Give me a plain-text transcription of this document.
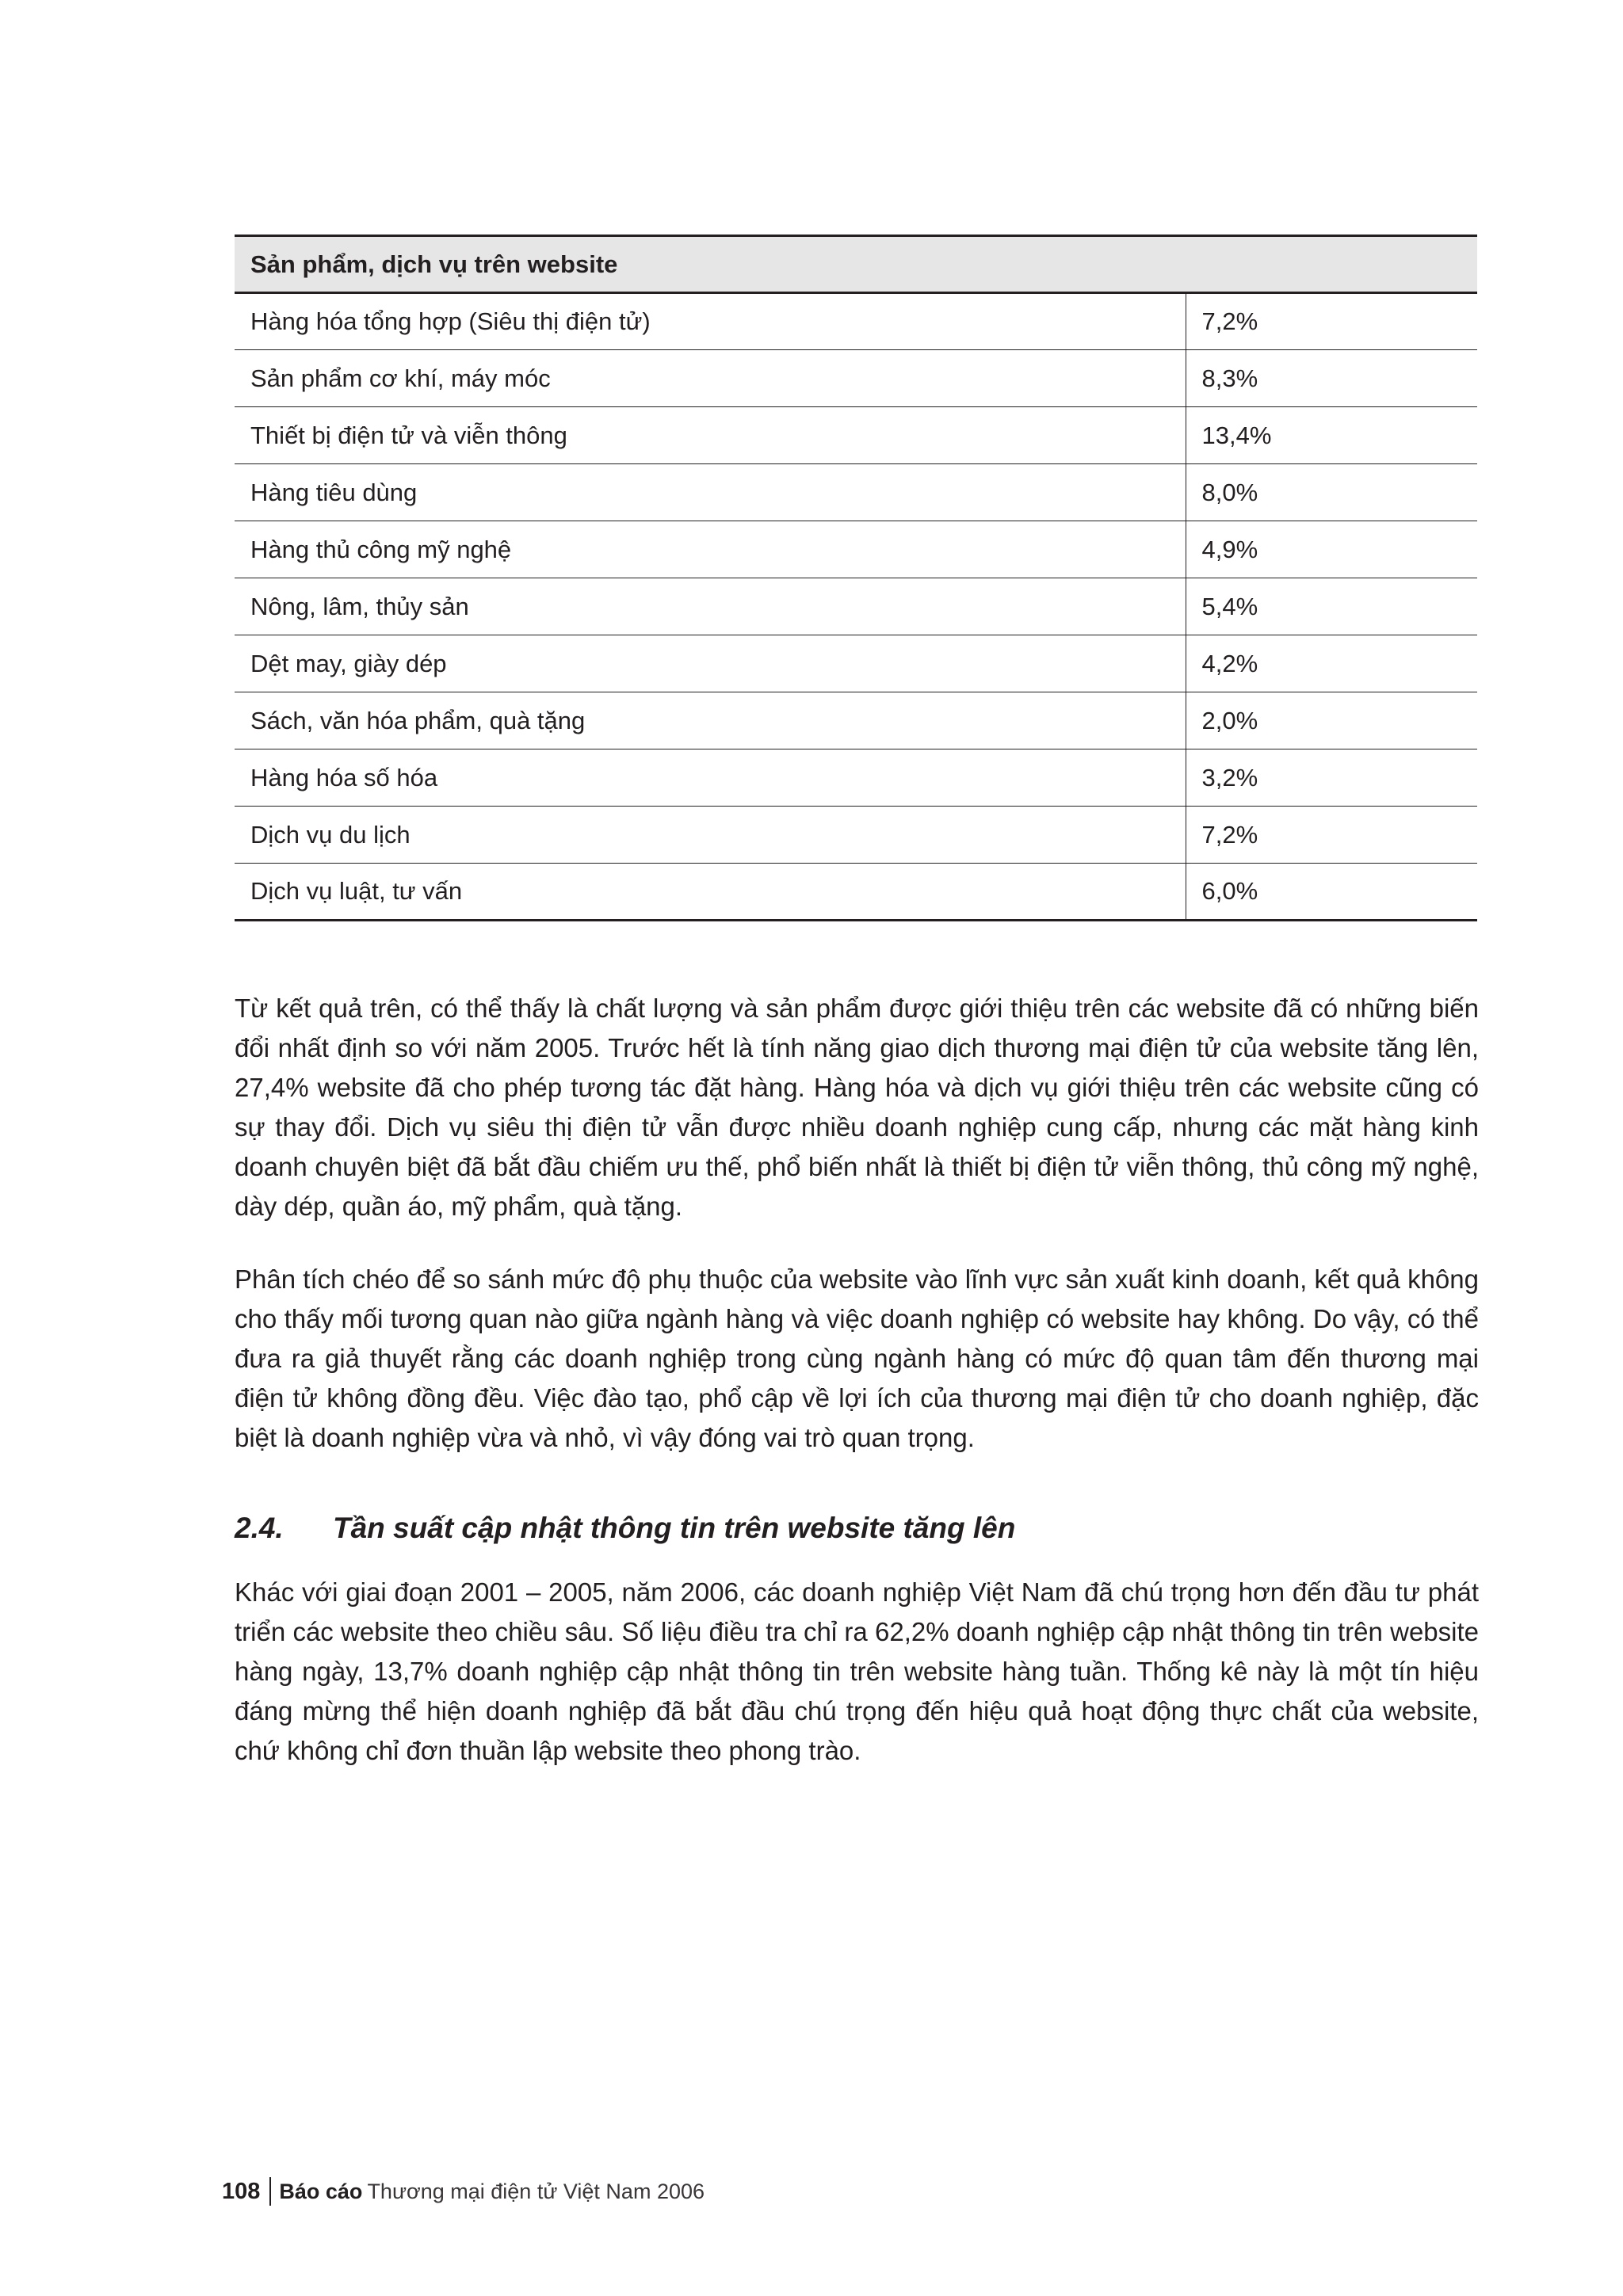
Sản phẩm, dịch vụ trên website	
Hàng hóa tổng hợp (Siêu thị điện tử)	7,2%
Sản phẩm cơ khí, máy móc	8,3%
Thiết bị điện tử và viễn thông	13,4%
Hàng tiêu dùng	8,0%
Hàng thủ công mỹ nghệ	4,9%
Nông, lâm, thủy sản	5,4%
Dệt may, giày dép	4,2%
Sách, văn hóa phẩm, quà tặng	2,0%
Hàng hóa số hóa	3,2%
Dịch vụ du lịch	7,2%
Dịch vụ luật, tư vấn	6,0%

Từ kết quả trên, có thể thấy là chất lượng và sản phẩm được giới thiệu trên các website đã có những biến đổi nhất định so với năm 2005. Trước hết là tính năng giao dịch thương mại điện tử của website tăng lên, 27,4% website đã cho phép tương tác đặt hàng. Hàng hóa và dịch vụ giới thiệu trên các website cũng có sự thay đổi. Dịch vụ siêu thị điện tử vẫn được nhiều doanh nghiệp cung cấp, nhưng các mặt hàng kinh doanh chuyên biệt đã bắt đầu chiếm ưu thế, phổ biến nhất là thiết bị điện tử viễn thông, thủ công mỹ nghệ, dày dép, quần áo, mỹ phẩm, quà tặng.

Phân tích chéo để so sánh mức độ phụ thuộc của website vào lĩnh vực sản xuất kinh doanh, kết quả không cho thấy mối tương quan nào giữa ngành hàng và việc doanh nghiệp có website hay không. Do vậy, có thể đưa ra giả thuyết rằng các doanh nghiệp trong cùng ngành hàng có mức độ quan tâm đến thương mại điện tử không đồng đều. Việc đào tạo, phổ cập về lợi ích của thương mại điện tử cho doanh nghiệp, đặc biệt là doanh nghiệp vừa và nhỏ, vì vậy đóng vai trò quan trọng.

2.4. Tần suất cập nhật thông tin trên website tăng lên

Khác với giai đoạn 2001 – 2005, năm 2006, các doanh nghiệp Việt Nam đã chú trọng hơn đến đầu tư phát triển các website theo chiều sâu. Số liệu điều tra chỉ ra 62,2% doanh nghiệp cập nhật thông tin trên website hàng ngày, 13,7% doanh nghiệp cập nhật thông tin trên website hàng tuần. Thống kê này là một tín hiệu đáng mừng thể hiện doanh nghiệp đã bắt đầu chú trọng đến hiệu quả hoạt động thực chất của website, chứ không chỉ đơn thuần lập website theo phong trào.

108 Báo cáo Thương mại điện tử Việt Nam 2006
